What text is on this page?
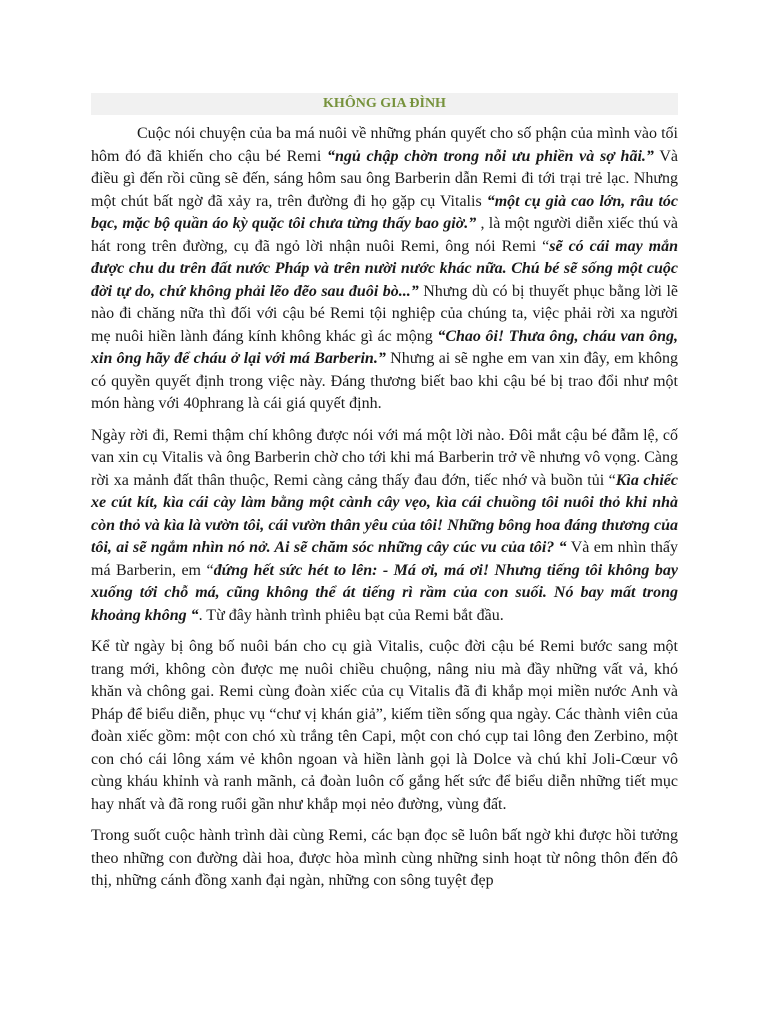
KHÔNG GIA ĐÌNH

Cuộc nói chuyện của ba má nuôi về những phán quyết cho số phận của mình vào tối hôm đó đã khiến cho cậu bé Remi “ngủ chập chờn trong nỗi ưu phiền và sợ hãi.” Và điều gì đến rồi cũng sẽ đến, sáng hôm sau ông Barberin dẫn Remi đi tới trại trẻ lạc. Nhưng một chút bất ngờ đã xảy ra, trên đường đi họ gặp cụ Vitalis “một cụ già cao lớn, râu tóc bạc, mặc bộ quần áo kỳ quặc tôi chưa từng thấy bao giờ.” , là một người diễn xiếc thú và hát rong trên đường, cụ đã ngỏ lời nhận nuôi Remi, ông nói Remi “sẽ có cái may mắn được chu du trên đất nước Pháp và trên nười nước khác nữa. Chú bé sẽ sống một cuộc đời tự do, chứ không phải lẽo đẽo sau đuôi bò...” Nhưng dù có bị thuyết phục bằng lời lẽ nào đi chăng nữa thì đối với cậu bé Remi tội nghiệp của chúng ta, việc phải rời xa người mẹ nuôi hiền lành đáng kính không khác gì ác mộng “Chao ôi! Thưa ông, cháu van ông, xin ông hãy để cháu ở lại với má Barberin.” Nhưng ai sẽ nghe em van xin đây, em không có quyền quyết định trong việc này. Đáng thương biết bao khi cậu bé bị trao đổi như một món hàng với 40phrang là cái giá quyết định.

Ngày rời đi, Remi thậm chí không được nói với má một lời nào. Đôi mắt cậu bé đẫm lệ, cố van xin cụ Vitalis và ông Barberin chờ cho tới khi má Barberin trở về nhưng vô vọng. Càng rời xa mảnh đất thân thuộc, Remi càng cảng thấy đau đớn, tiếc nhớ và buồn tủi “Kìa chiếc xe cút kít, kìa cái cày làm bằng một cành cây vẹo, kìa cái chuồng tôi nuôi thỏ khi nhà còn thỏ và kìa là vườn tôi, cái vườn thân yêu của tôi! Những bông hoa đáng thương của tôi, ai sẽ ngắm nhìn nó nở. Ai sẽ chăm sóc những cây cúc vu của tôi? “ Và em nhìn thấy má Barberin, em “đứng hết sức hét to lên: - Má ơi, má ơi! Nhưng tiếng tôi không bay xuống tới chỗ má, cũng không thể át tiếng rì rầm của con suối. Nó bay mất trong khoảng không “. Từ đây hành trình phiêu bạt của Remi bắt đầu.

Kể từ ngày bị ông bố nuôi bán cho cụ già Vitalis, cuộc đời cậu bé Remi bước sang một trang mới, không còn được mẹ nuôi chiều chuộng, nâng niu mà đầy những vất vả, khó khăn và chông gai. Remi cùng đoàn xiếc của cụ Vitalis đã đi khắp mọi miền nước Anh và Pháp để biểu diễn, phục vụ “chư vị khán giả”, kiếm tiền sống qua ngày. Các thành viên của đoàn xiếc gồm: một con chó xù trắng tên Capi, một con chó cụp tai lông đen Zerbino, một con chó cái lông xám vẻ khôn ngoan và hiền lành gọi là Dolce và chú khỉ Joli-Cœur vô cùng kháu khỉnh và ranh mãnh, cả đoàn luôn cố gắng hết sức để biểu diễn những tiết mục hay nhất và đã rong ruổi gần như khắp mọi nẻo đường, vùng đất.

Trong suốt cuộc hành trình dài cùng Remi, các bạn đọc sẽ luôn bất ngờ khi được hồi tưởng theo những con đường dài hoa, được hòa mình cùng những sinh hoạt từ nông thôn đến đô thị, những cánh đồng xanh đại ngàn, những con sông tuyệt đẹp
